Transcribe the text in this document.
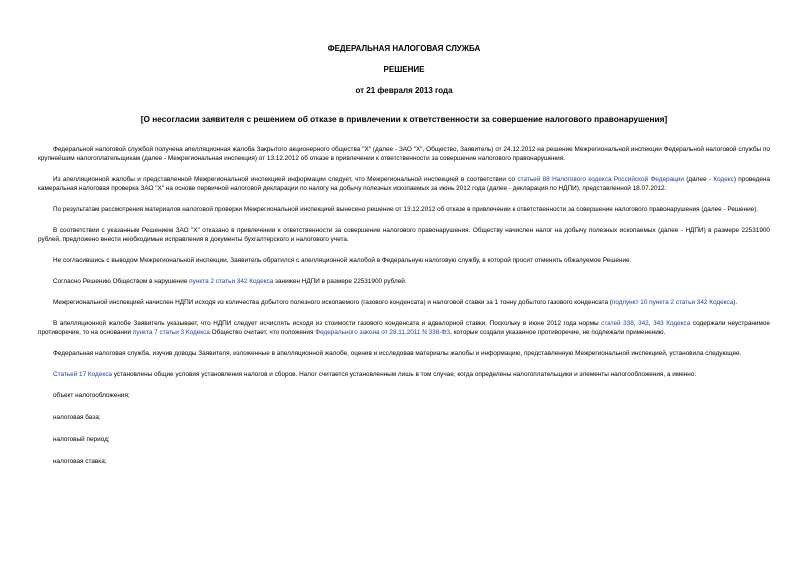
ФЕДЕРАЛЬНАЯ НАЛОГОВАЯ СЛУЖБА
РЕШЕНИЕ
от 21 февраля 2013 года
[О несогласии заявителя с решением об отказе в привлечении к ответственности за совершение налогового правонарушения]

Федеральной налоговой службой получена апелляционная жалоба Закрытого акционерного общества "Х" (далее - ЗАО "Х", Общество, Заявитель) от 24.12.2012 на решение Межрегиональной инспекции Федеральной налоговой службы по крупнейшим налогоплательщикам (далее - Межрегиональная инспекция) от 13.12.2012 об отказе в привлечении к ответственности за совершение налогового правонарушения.

Из апелляционной жалобы и представленной Межрегиональной инспекцией информации следует, что Межрегиональной инспекцией в соответствии со статьей 88 Налогового кодекса Российской Федерации (далее - Кодекс) проведена камеральная налоговая проверка ЗАО "Х" на основе первичной налоговой декларации по налогу на добычу полезных ископаемых за июнь 2012 года (далее - декларация по НДПИ), представленной 18.07.2012.

По результатам рассмотрения материалов налоговой проверки Межрегиональной инспекцией вынесено решение от 13.12.2012 об отказе в привлечении к ответственности за совершение налогового правонарушения (далее - Решение).

В соответствии с указанным Решением ЗАО "Х" отказано в привлечении к ответственности за совершение налогового правонарушения. Обществу начислен налог на добычу полезных ископаемых (далее - НДПИ) в размере 22531900 рублей, предложено внести необходимые исправления в документы бухгалтерского и налогового учета.

Не согласившись с выводом Межрегиональной инспекции, Заявитель обратился с апелляционной жалобой в Федеральную налоговую службу, в которой просит отменить обжалуемое Решение.

Согласно Решению Обществом в нарушение пункта 2 статьи 342 Кодекса занижен НДПИ в размере 22531900 рублей.

Межрегиональной инспекцией начислен НДПИ исходя из количества добытого полезного ископаемого (газового конденсата) и налоговой ставки за 1 тонну добытого газового конденсата (подпункт 10 пункта 2 статьи 342 Кодекса).

В апелляционной жалобе Заявитель указывает, что НДПИ следует исчислять исходя из стоимости газового конденсата и адвалорной ставки. Поскольку в июне 2012 года нормы статей 338, 342, 343 Кодекса содержали неустранимое противоречие, то на основании пункта 7 статьи 3 Кодекса Общество считает, что положения Федерального закона от 28.11.2011 N 338-ФЗ, которые создали указанное противоречие, не подлежали применению.

Федеральная налоговая служба, изучив доводы Заявителя, изложенные в апелляционной жалобе, оценив и исследовав материалы жалобы и информацию, представленную Межрегиональной инспекцией, установила следующее.

Статьей 17 Кодекса установлены общие условия установления налогов и сборов. Налог считается установленным лишь в том случае, когда определены налогоплательщики и элементы налогообложения, а именно:

объект налогообложения;

налоговая база;

налоговый период;

налоговая ставка;
